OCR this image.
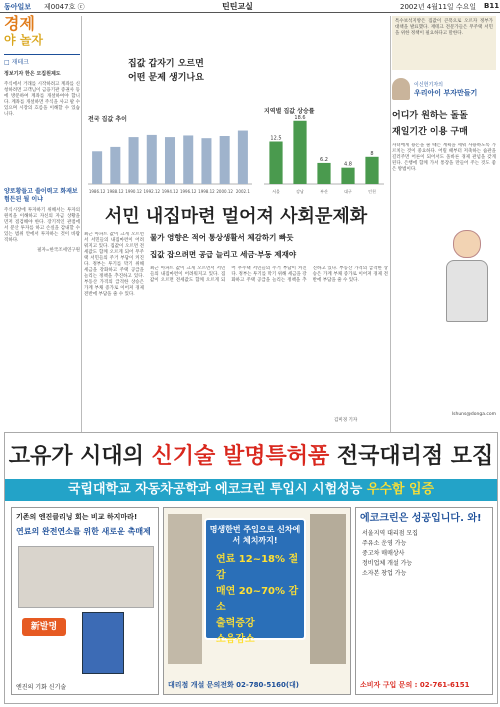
동아일보 제0047호 ⓒ	틴틴교실	2002년 4월11일 수요일 B11
경제
야 놀자
□ 재테크
정보기자 한은 모집원제도
주식에서 거래를 시작하려고 계좌를 신청하려면 고객님이 금융기관 증권사 등에 방문하여 계좌를 개설하여야 합니다. 계좌를 개설하면 주식을 사고 팔 수 있으며 시장의 흐름을 이해할 수 있습니다.
양로황들고 쓸이력고 화재보험든된 될 이냐
주식시장에 투자하기 위해서는 투자의 원칙을 이해하고 자신의 자금 상황을 먼저 점검해야 한다. 장기적인 관점에서 분산 투자를 하고 손실을 감내할 수 있는 범위 안에서 투자하는 것이 바람직하다.
필자=한국조세연구원
집값 갑자기 오르면
어떤 문제 생기나요
전국 집값 추이
1986.12 1988.12 1990.12 1992.12 1994.12 1996.12 1998.12 2000.12 2002.1
지역별 집값 상승률
12.5
서울
18.6
강남
6.2
부산
4.8
대구
8
인천
서민 내집마련 멀어져 사회문제화
최근 아파트 값이 크게 오르면서 서민들의 내집마련이 어려워지고 있다. 집값이 오르면 전세값도 함께 오르게 되어 무주택 서민들의 주거 부담이 커진다. 정부는 투기를 막기 위해 세금을 강화하고 주택 공급을 늘리는 정책을 추진하고 있다. 부동산 가격의 급격한 상승은 가계 부채 증가로 이어져 경제 전반에 부담을 줄 수 있다.
물가 영향은 적어 통상생활서 체감하기 빠듯
집값 잡으려면 공급 늘리고 세금·부동 제재야
최근 아파트 값이 크게 오르면서 서민들의 내집마련이 어려워지고 있다. 집값이 오르면 전세값도 함께 오르게 되어 무주택 서민들의 주거 부담이 커진다. 정부는 투기를 막기 위해 세금을 강화하고 주택 공급을 늘리는 정책을 추진하고 있다. 부동산 가격의 급격한 상승은 가계 부채 증가로 이어져 경제 전반에 부담을 줄 수 있다.
김미경 기자
특수보석지방은 집값이 큰폭으로 오르자 정부가 대책을 발표했다. 재테크 전문가들은 무주택 서민을 위한 정책이 필요하다고 말한다.
이신헌기자의
우리아이 부자만들기
어디가 원하는 돌돌
재일기간 이용 구매
자녀에게 용돈을 줄 때는 계획을 세워 사용하도록 가르치는 것이 중요하다. 어릴 때부터 저축하는 습관을 길러주면 어른이 되어서도 올바른 경제 관념을 갖게 된다. 은행에 함께 가서 통장을 만들어 주는 것도 좋은 방법이다.
lshuns@donga.com
고유가 시대의 신기술 발명특허품 전국대리점 모집
국립대학교 자동차공학과 에코크린 투입시 시험성능 우수함 입증
기존의 엔진클리닝 회는 비교 하지마라!
연료의 완전연소를 위한 새로운 촉매제
新발명
엔진의 기화 신기술
명생한번 주입으로 신차에서 체치까지!
연료 12~18% 절감
매연 20~70% 감소
출력증강
소음감소
대리점 개설 문의전화 02-780-5160(대)
에코크린은 성공입니다. 와!
서울지역 대리점 모집
주유소 운영 가능
중고차 매매상사
정비업체 개설 가능
소자본 창업 가능
소비자 구입 문의 : 02-761-6151
